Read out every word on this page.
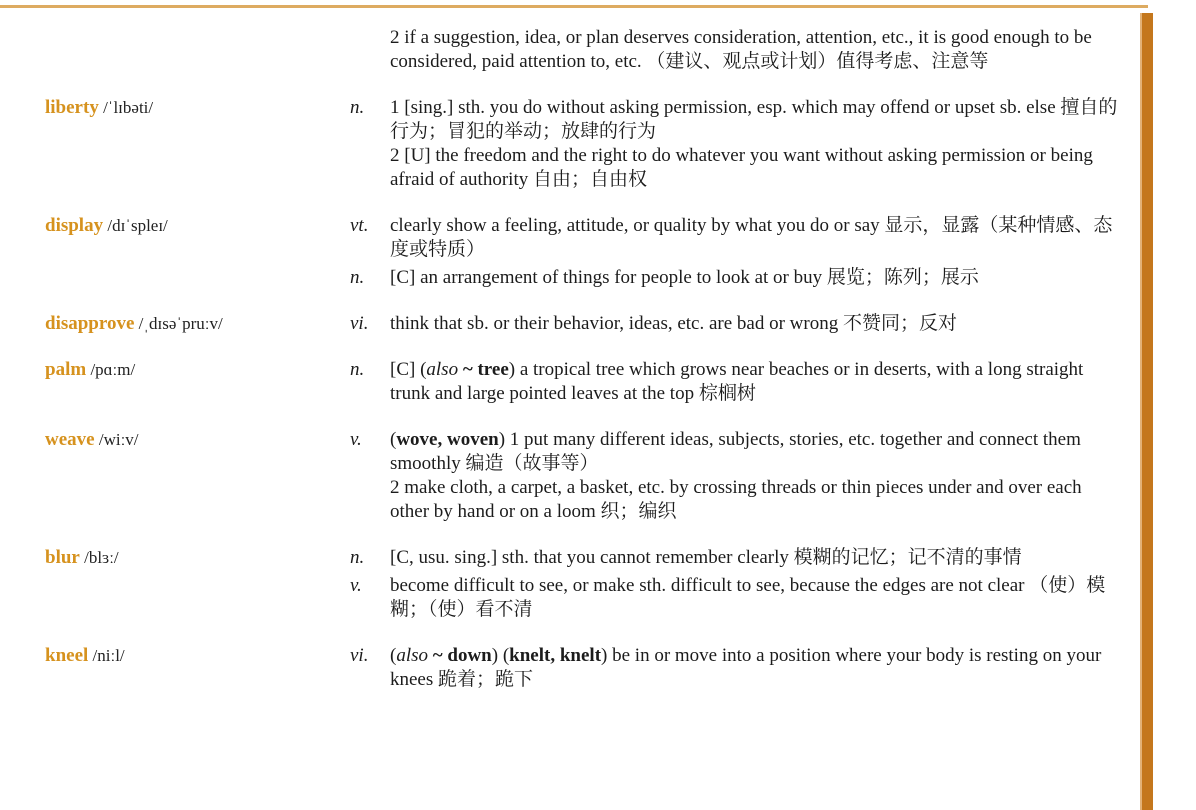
2 if a suggestion, idea, or plan deserves consideration, attention, etc., it is good enough to be considered, paid attention to, etc. （建议、观点或计划）值得考虑、注意等
liberty /ˈlɪbəti/	n.	1 [sing.] sth. you do without asking permission, esp. which may offend or upset sb. else 擅自的行为；冒犯的举动；放肆的行为
2 [U] the freedom and the right to do whatever you want without asking permission or being afraid of authority 自由；自由权
display /dɪˈspleɪ/	vt.	clearly show a feeling, attitude, or quality by what you do or say 显示，显露（某种情感、态度或特质）
n.	[C] an arrangement of things for people to look at or buy 展览；陈列；展示
disapprove /ˌdɪsəˈpruːv/	vi.	think that sb. or their behavior, ideas, etc. are bad or wrong 不赞同；反对
palm /pɑːm/	n.	[C] (also ~ tree) a tropical tree which grows near beaches or in deserts, with a long straight trunk and large pointed leaves at the top 棕榈树
weave /wiːv/	v.	(wove, woven) 1 put many different ideas, subjects, stories, etc. together and connect them smoothly 编造（故事等）
2 make cloth, a carpet, a basket, etc. by crossing threads or thin pieces under and over each other by hand or on a loom 织；编织
blur /blɜː/	n.	[C, usu. sing.] sth. that you cannot remember clearly 模糊的记忆；记不清的事情
v.	become difficult to see, or make sth. difficult to see, because the edges are not clear （使）模糊；（使）看不清
kneel /niːl/	vi.	(also ~ down) (knelt, knelt) be in or move into a position where your body is resting on your knees 跪着；跪下
